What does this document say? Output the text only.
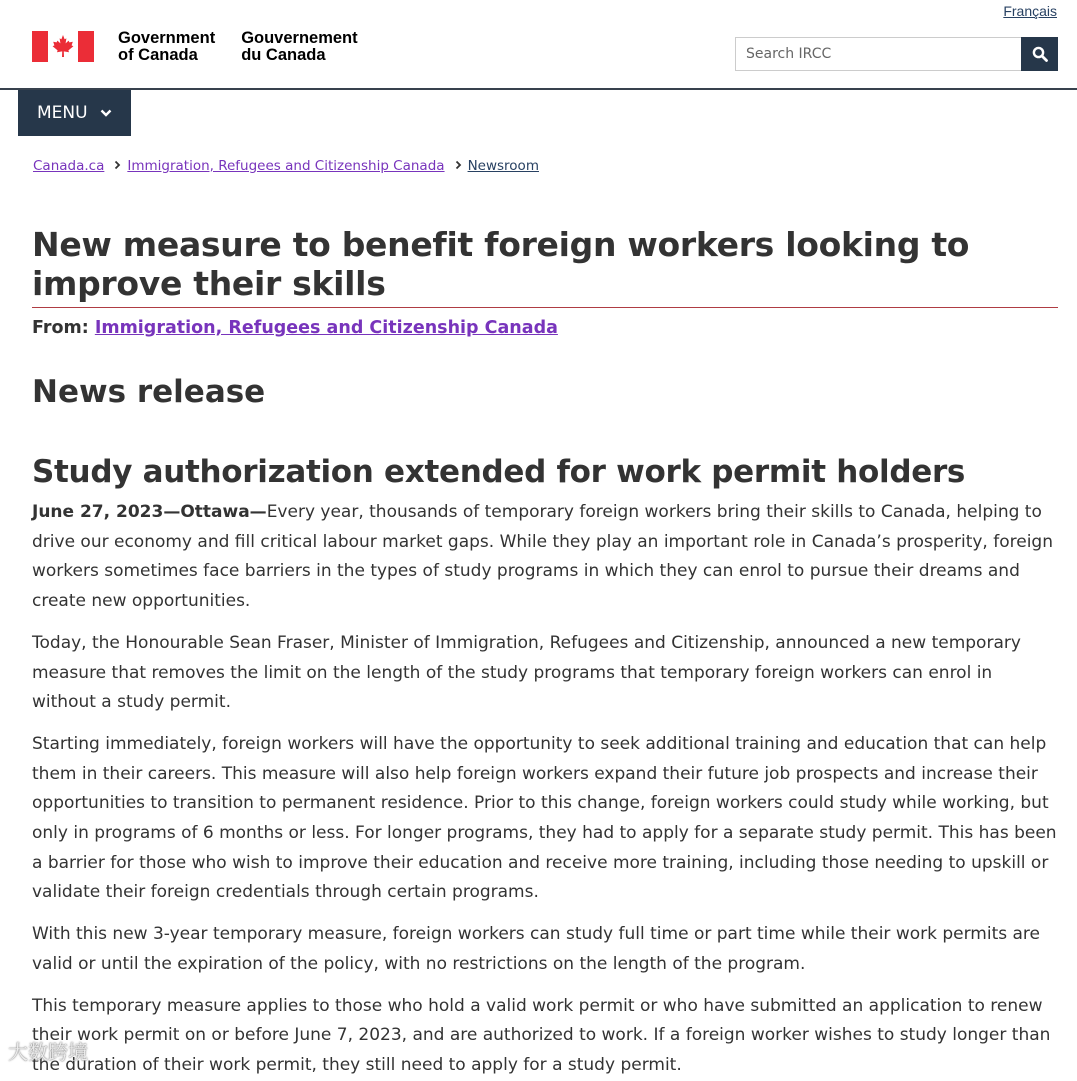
Français
Government
of Canada
Gouvernement
du Canada
Search IRCC
MENU
Canada.ca Immigration, Refugees and Citizenship Canada Newsroom
New measure to benefit foreign workers looking to improve their skills
From: Immigration, Refugees and Citizenship Canada
News release
Study authorization extended for work permit holders

June 27, 2023—Ottawa—Every year, thousands of temporary foreign workers bring their skills to Canada, helping to drive our economy and fill critical labour market gaps. While they play an important role in Canada’s prosperity, foreign workers sometimes face barriers in the types of study programs in which they can enrol to pursue their dreams and create new opportunities.

Today, the Honourable Sean Fraser, Minister of Immigration, Refugees and Citizenship, announced a new temporary measure that removes the limit on the length of the study programs that temporary foreign workers can enrol in without a study permit.

Starting immediately, foreign workers will have the opportunity to seek additional training and education that can help them in their careers. This measure will also help foreign workers expand their future job prospects and increase their opportunities to transition to permanent residence. Prior to this change, foreign workers could study while working, but only in programs of 6 months or less. For longer programs, they had to apply for a separate study permit. This has been a barrier for those who wish to improve their education and receive more training, including those needing to upskill or validate their foreign credentials through certain programs.

With this new 3-year temporary measure, foreign workers can study full time or part time while their work permits are valid or until the expiration of the policy, with no restrictions on the length of the program.

This temporary measure applies to those who hold a valid work permit or who have submitted an application to renew their work permit on or before June 7, 2023, and are authorized to work. If a foreign worker wishes to study longer than the duration of their work permit, they still need to apply for a study permit.

大数跨境
